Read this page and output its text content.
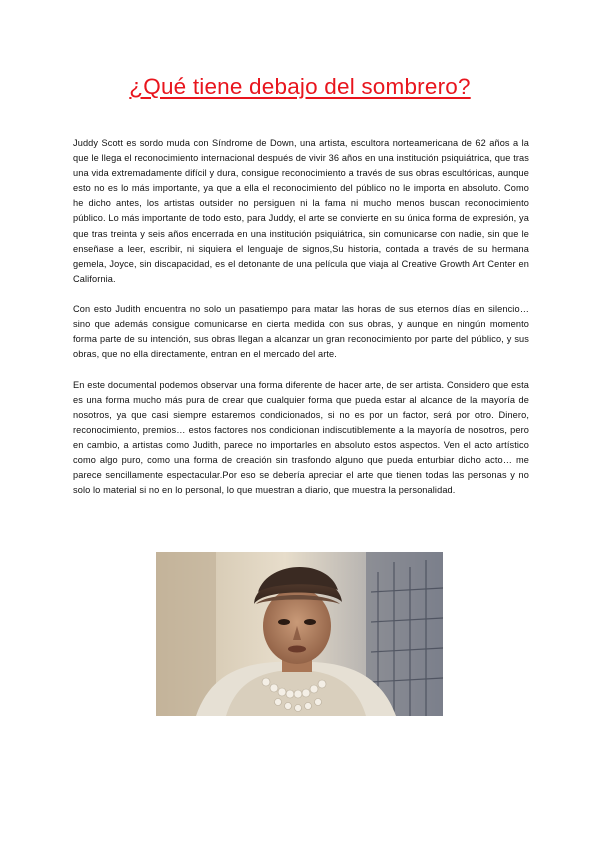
¿Qué tiene debajo del sombrero?

Juddy Scott es sordo muda con Síndrome de Down, una artista, escultora norteamericana de 62 años a la que le llega el reconocimiento internacional después de vivir 36 años en una institución psiquiátrica, que tras una vida extremadamente difícil y dura, consigue reconocimiento a través de sus obras escultóricas, aunque esto no es lo más importante, ya que a ella el reconocimiento del público no le importa en absoluto. Como he dicho antes, los artistas outsider no persiguen ni la fama ni mucho menos buscan reconocimiento público. Lo más importante de todo esto, para Juddy, el arte se convierte en su única forma de expresión, ya que tras treinta y seis años encerrada en una institución psiquiátrica, sin comunicarse con nadie, sin que le enseñase a leer, escribir, ni siquiera el lenguaje de signos,Su historia, contada a través de su hermana gemela, Joyce, sin discapacidad, es el detonante de una película que viaja al Creative Growth Art Center en California.

Con esto Judith encuentra no solo un pasatiempo para matar las horas de sus eternos días en silencio… sino que además consigue comunicarse en cierta medida con sus obras, y aunque en ningún momento forma parte de su intención, sus obras llegan a alcanzar un gran reconocimiento por parte del público, y sus obras, que no ella directamente, entran en el mercado del arte.

En este documental podemos observar una forma diferente de hacer arte, de ser artista. Considero que esta es una forma mucho más pura de crear que cualquier forma que pueda estar al alcance de la mayoría de nosotros, ya que casi siempre estaremos condicionados, si no es por un factor, será por otro. Dinero, reconocimiento, premios… estos factores nos condicionan indiscutiblemente a la mayoría de nosotros, pero en cambio, a artistas como Judith, parece no importarles en absoluto estos aspectos. Ven el acto artístico como algo puro, como una forma de creación sin trasfondo alguno que pueda enturbiar dicho acto… me parece sencillamente espectacular.Por eso se debería apreciar el arte que tienen todas las personas y no solo lo material si no en lo personal, lo que muestran a diario, que muestra la personalidad.
